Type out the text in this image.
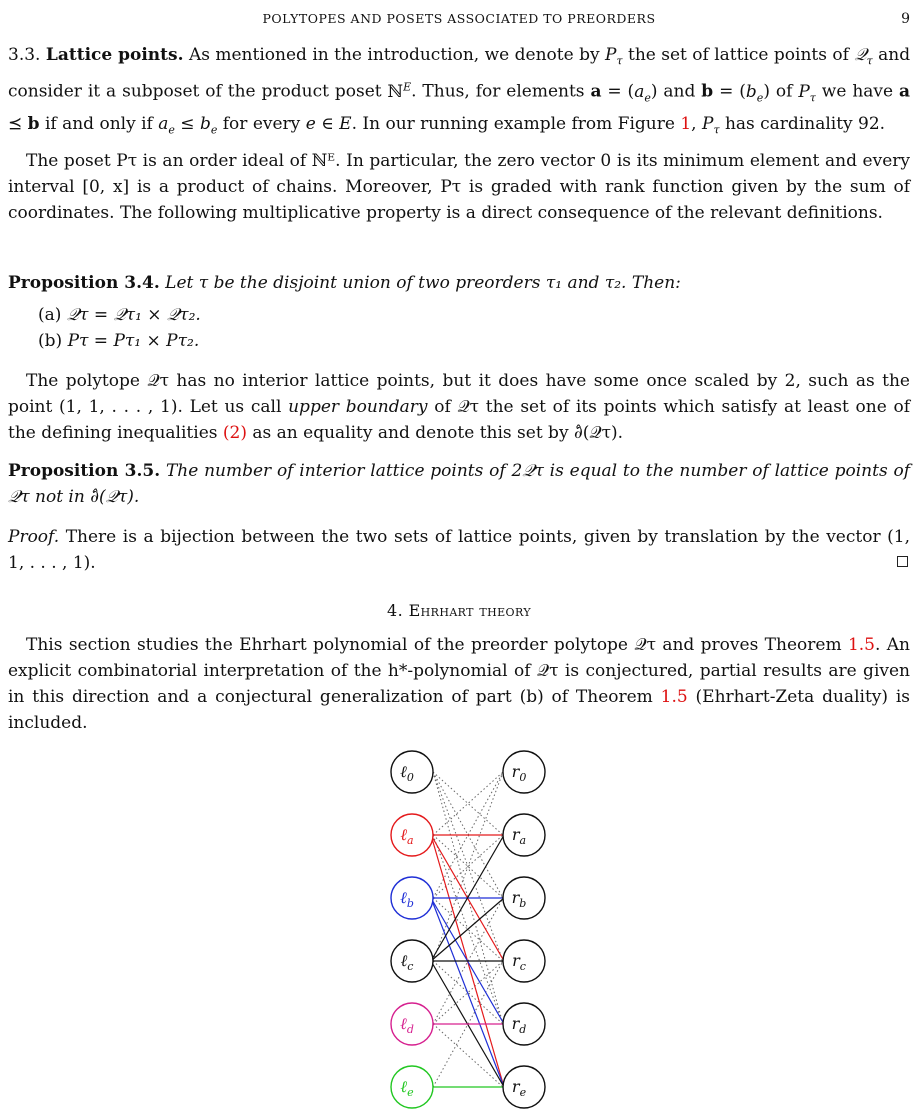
POLYTOPES AND POSETS ASSOCIATED TO PREORDERS	9

3.3. Lattice points. As mentioned in the introduction, we denote by $P_\tau$ the set of lattice points of 𝒬$_\tau$ and consider it a subposet of the product poset ℕ$^E$. Thus, for elements $a = (a_e)$ and $b = (b_e)$ of $P_\tau$ we have a ⪯ b if and only if $a_e \le b_e$ for every e ∈ E. In our running example from Figure 1, $P_\tau$ has cardinality 92.

The poset Pτ is an order ideal of ℕᴱ. In particular, the zero vector 0 is its minimum element and every interval [0, x] is a product of chains. Moreover, Pτ is graded with rank function given by the sum of coordinates. The following multiplicative property is a direct consequence of the relevant definitions.

Proposition 3.4. Let τ be the disjoint union of two preorders τ₁ and τ₂. Then:

(a) 𝒬τ = 𝒬τ₁ × 𝒬τ₂.
(b) Pτ = Pτ₁ × Pτ₂.

The polytope 𝒬τ has no interior lattice points, but it does have some once scaled by 2, such as the point (1, 1, . . . , 1). Let us call upper boundary of 𝒬τ the set of its points which satisfy at least one of the defining inequalities (2) as an equality and denote this set by ∂̂(𝒬τ).

Proposition 3.5. The number of interior lattice points of 2𝒬τ is equal to the number of lattice points of 𝒬τ not in ∂̂(𝒬τ).

Proof. There is a bijection between the two sets of lattice points, given by translation by the vector (1, 1, . . . , 1).

4. Ehrhart theory

This section studies the Ehrhart polynomial of the preorder polytope 𝒬τ and proves Theorem 1.5. An explicit combinatorial interpretation of the h*-polynomial of 𝒬τ is conjectured, partial results are given in this direction and a conjectural generalization of part (b) of Theorem 1.5 (Ehrhart-Zeta duality) is included.

ℓ$_0$
ℓ$_a$
ℓ$_b$
ℓ$_c$
ℓ$_d$
ℓ$_e$
$r_0$
$r_a$
$r_b$
$r_c$
$r_d$
$r_e$
